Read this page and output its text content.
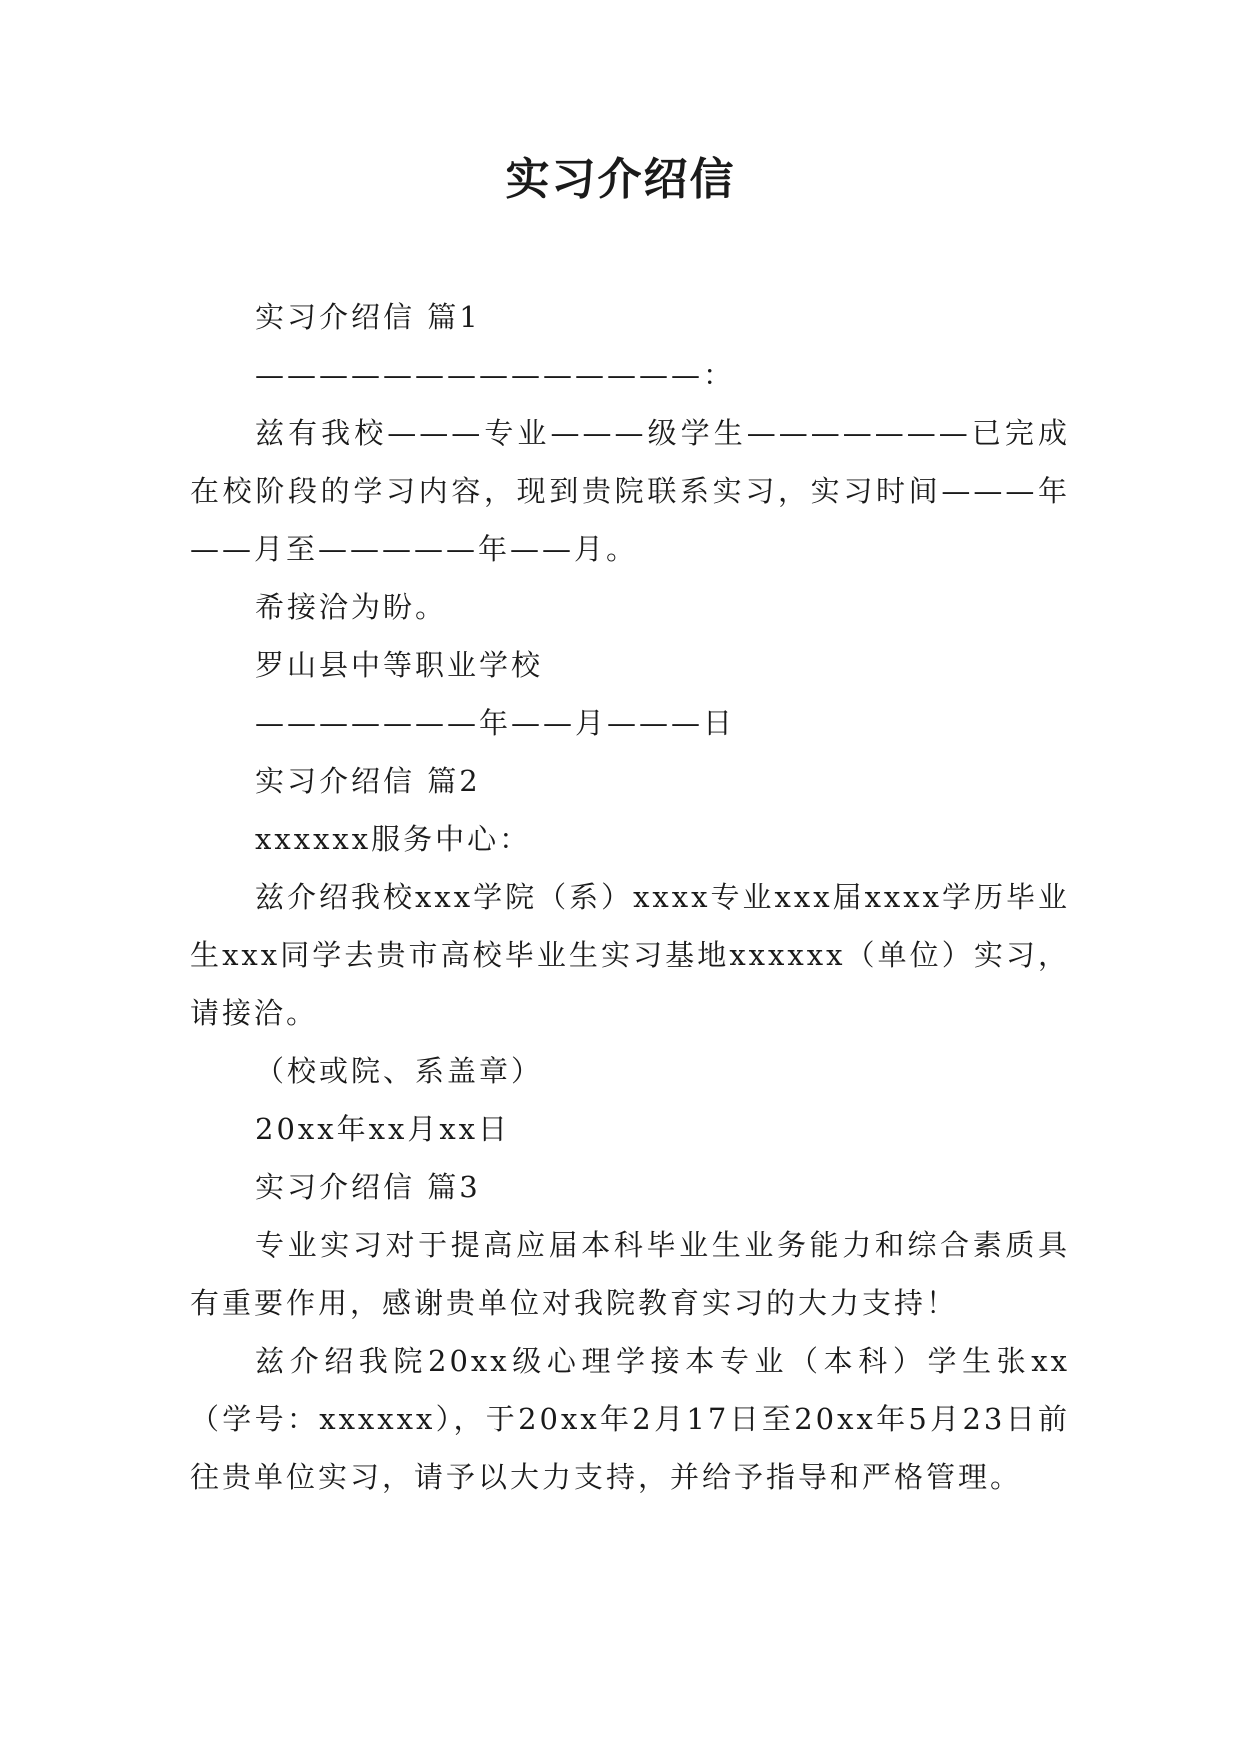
实习介绍信

实习介绍信 篇1

——————————————：

兹有我校———专业———级学生———————已完成在校阶段的学习内容，现到贵院联系实习，实习时间———年——月至—————年——月。

希接洽为盼。

罗山县中等职业学校

———————年——月———日

实习介绍信 篇2

xxxxxx服务中心：

兹介绍我校xxx学院（系）xxxx专业xxx届xxxx学历毕业生xxx同学去贵市高校毕业生实习基地xxxxxx（单位）实习，请接洽。

（校或院、系盖章）

20xx年xx月xx日

实习介绍信 篇3

专业实习对于提高应届本科毕业生业务能力和综合素质具有重要作用，感谢贵单位对我院教育实习的大力支持！

兹介绍我院20xx级心理学接本专业（本科）学生张xx（学号：xxxxxx），于20xx年2月17日至20xx年5月23日前往贵单位实习，请予以大力支持，并给予指导和严格管理。
